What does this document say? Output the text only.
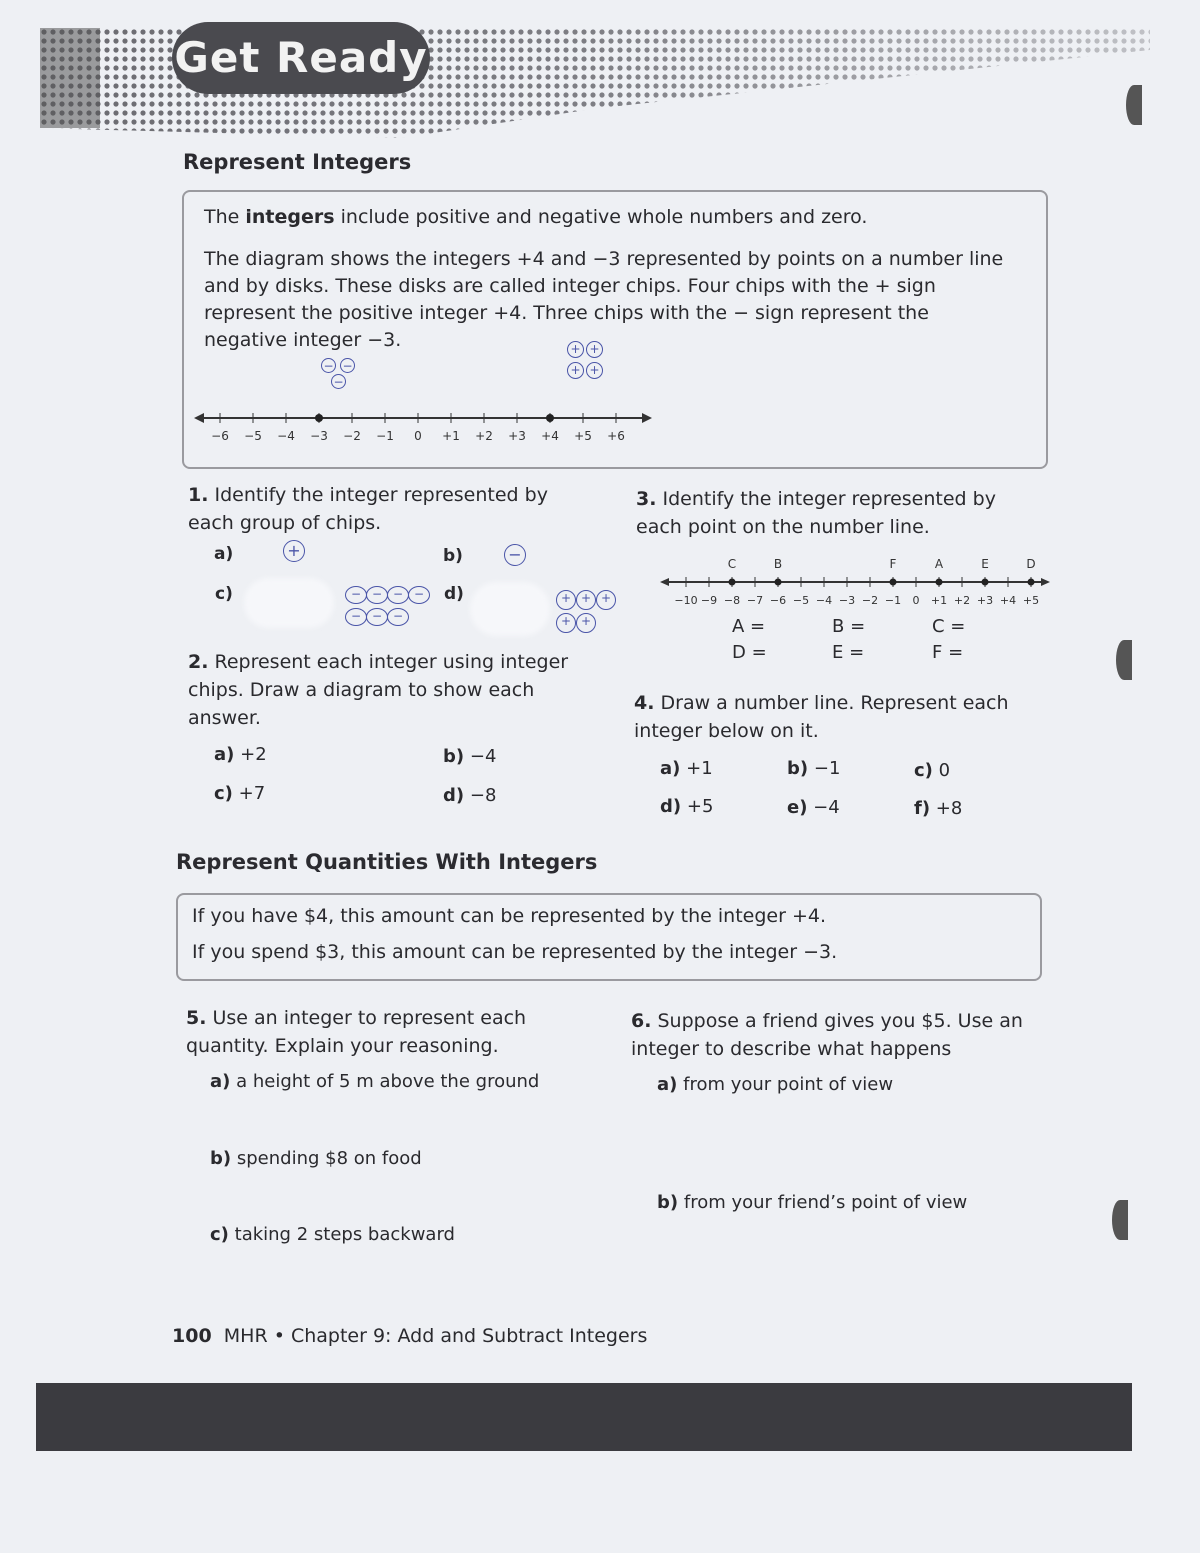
Get Ready
Represent Integers
The integers include positive and negative whole numbers and zero.
The diagram shows the integers +4 and −3 represented by points on a number line and by disks. These disks are called integer chips. Four chips with the + sign represent the positive integer +4. Three chips with the − sign represent the negative integer −3.
− −
−
+ +
+ +
−6 −5 −4 −3 −2 −1 0 +1 +2 +3 +4 +5 +6
1. Identify the integer represented by each group of chips.
a)	+	b)	−
c)	− − − −
− − −
d)	+ + +
+ +
2. Represent each integer using integer chips. Draw a diagram to show each answer.
a) +2	b) −4
c) +7	d) −8
3. Identify the integer represented by each point on the number line.
−10 −9 −8 −7 −6 −5 −4 −3 −2 −1 0 +1 +2 +3 +4 +5
C	B	F	A	E	D
A =	B =	C =
D =	E =	F =
4. Draw a number line. Represent each integer below on it.
a) +1	b) −1	c) 0
d) +5	e) −4	f) +8
Represent Quantities With Integers
If you have $4, this amount can be represented by the integer +4.
If you spend $3, this amount can be represented by the integer −3.
5. Use an integer to represent each quantity. Explain your reasoning.
a) a height of 5 m above the ground
b) spending $8 on food
c) taking 2 steps backward
6. Suppose a friend gives you $5. Use an integer to describe what happens
a) from your point of view
b) from your friend’s point of view
100 MHR • Chapter 9: Add and Subtract Integers
